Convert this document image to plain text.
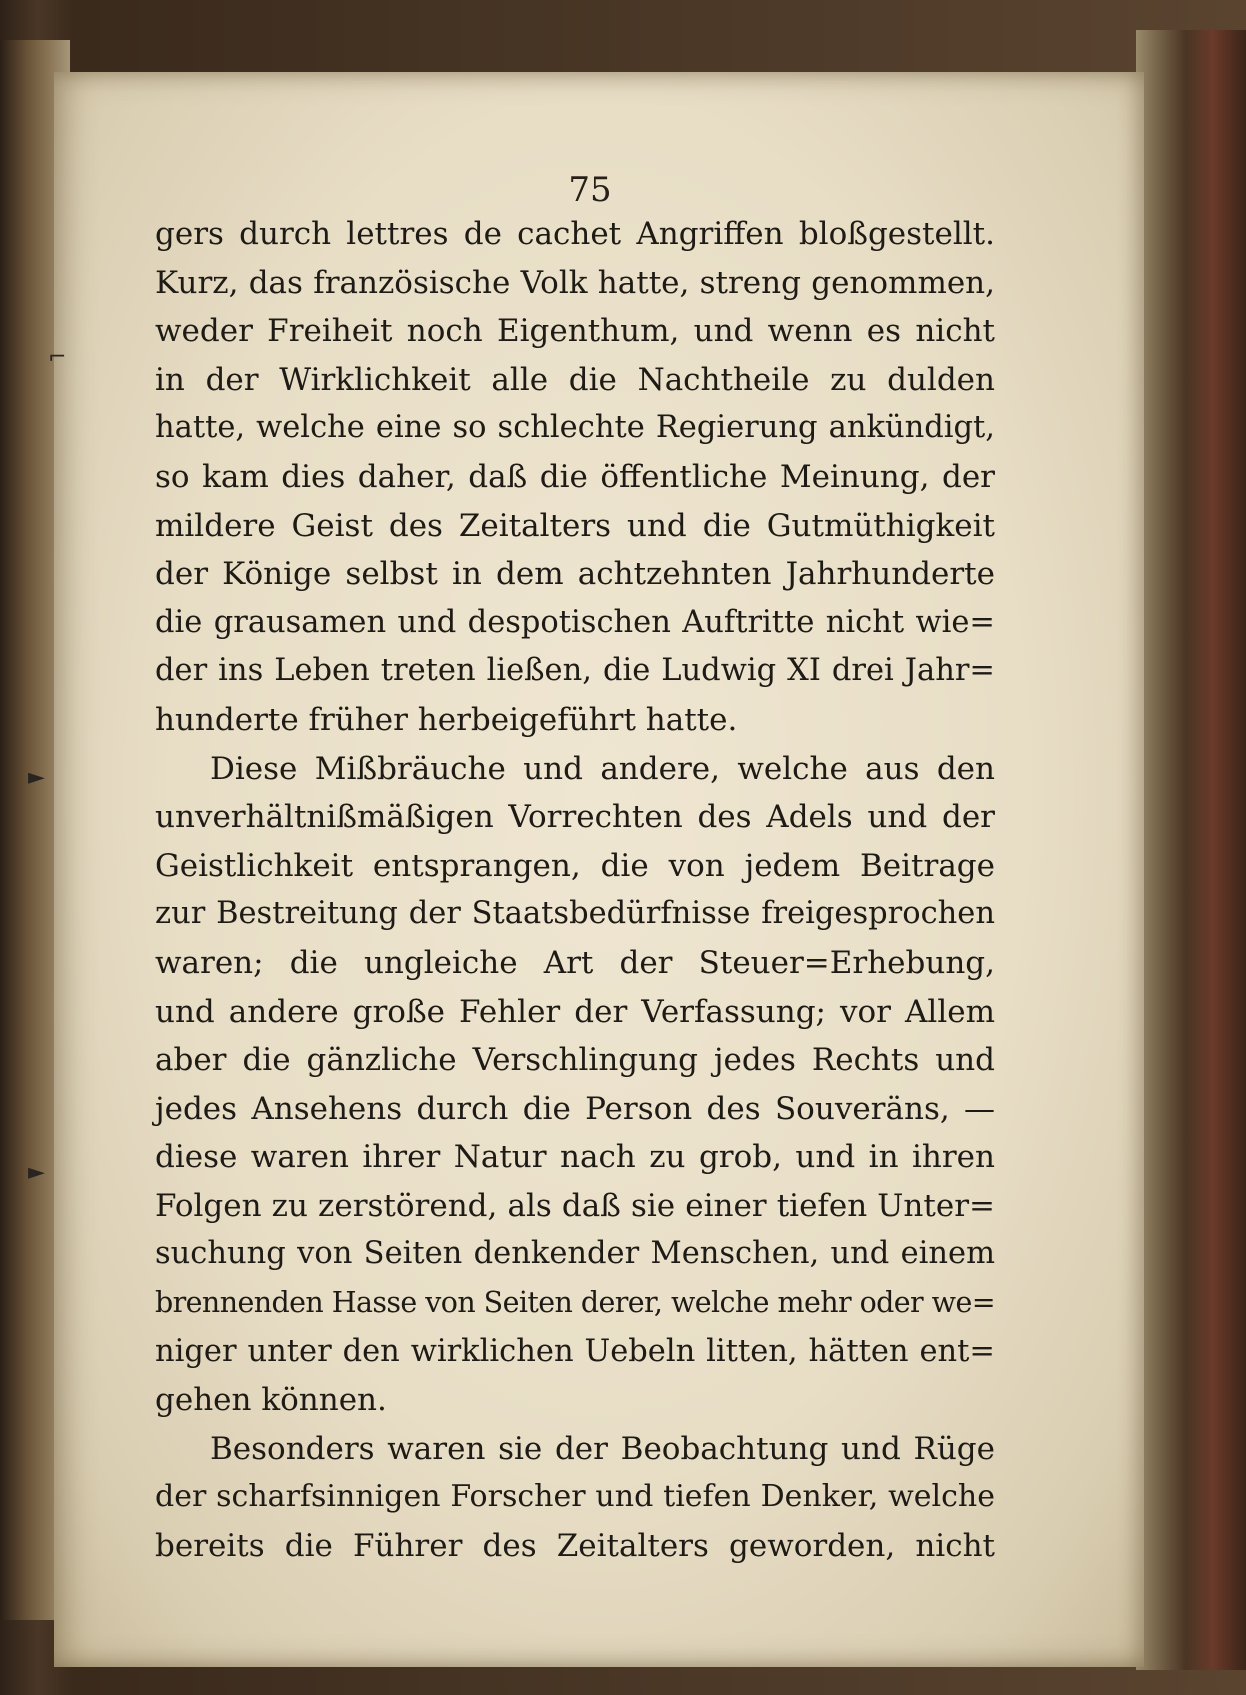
75
⌐
►
►
gers durch lettres de cachet Angriffen bloßgestellt.
Kurz, das französische Volk hatte, streng genommen,
weder Freiheit noch Eigenthum, und wenn es nicht
in der Wirklichkeit alle die Nachtheile zu dulden
hatte, welche eine so schlechte Regierung ankündigt,
so kam dies daher, daß die öffentliche Meinung, der
mildere Geist des Zeitalters und die Gutmüthigkeit
der Könige selbst in dem achtzehnten Jahrhunderte
die grausamen und despotischen Auftritte nicht wie=
der ins Leben treten ließen, die Ludwig XI drei Jahr=
hunderte früher herbeigeführt hatte.
Diese Mißbräuche und andere, welche aus den
unverhältnißmäßigen Vorrechten des Adels und der
Geistlichkeit entsprangen, die von jedem Beitrage
zur Bestreitung der Staatsbedürfnisse freigesprochen
waren; die ungleiche Art der Steuer=Erhebung,
und andere große Fehler der Verfassung; vor Allem
aber die gänzliche Verschlingung jedes Rechts und
jedes Ansehens durch die Person des Souveräns, —
diese waren ihrer Natur nach zu grob, und in ihren
Folgen zu zerstörend, als daß sie einer tiefen Unter=
suchung von Seiten denkender Menschen, und einem
brennenden Hasse von Seiten derer, welche mehr oder we=
niger unter den wirklichen Uebeln litten, hätten ent=
gehen können.
Besonders waren sie der Beobachtung und Rüge
der scharfsinnigen Forscher und tiefen Denker, welche
bereits die Führer des Zeitalters geworden, nicht
